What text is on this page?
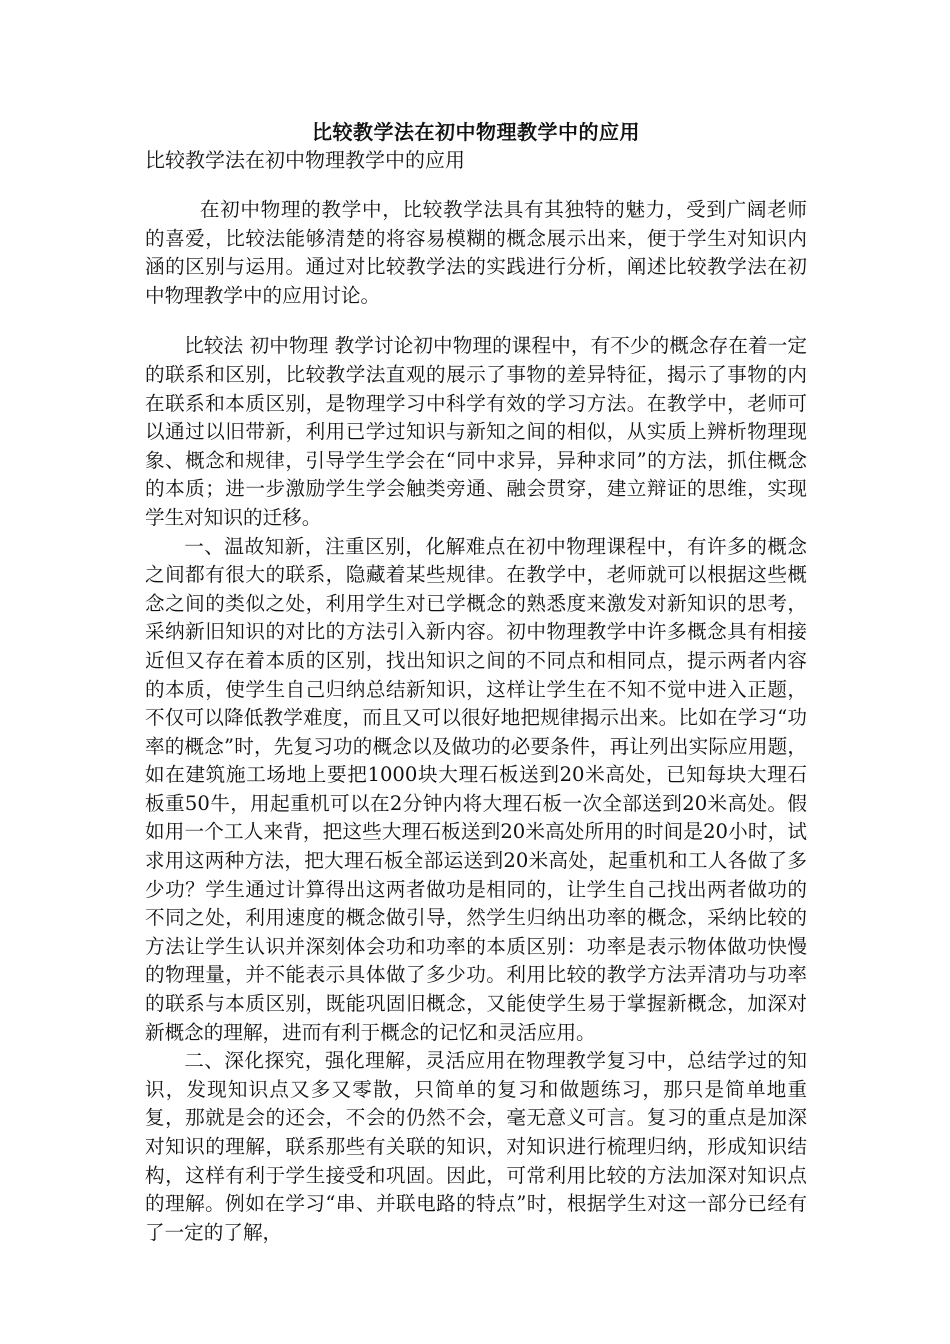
比较教学法在初中物理教学中的应用

比较教学法在初中物理教学中的应用

在初中物理的教学中，比较教学法具有其独特的魅力，受到广阔老师的喜爱，比较法能够清楚的将容易模糊的概念展示出来，便于学生对知识内涵的区别与运用。通过对比较教学法的实践进行分析，阐述比较教学法在初中物理教学中的应用讨论。

比较法 初中物理 教学讨论初中物理的课程中，有不少的概念存在着一定的联系和区别，比较教学法直观的展示了事物的差异特征，揭示了事物的内在联系和本质区别，是物理学习中科学有效的学习方法。在教学中，老师可以通过以旧带新，利用已学过知识与新知之间的相似，从实质上辨析物理现象、概念和规律，引导学生学会在“同中求异，异种求同”的方法，抓住概念的本质；进一步激励学生学会触类旁通、融会贯穿，建立辩证的思维，实现学生对知识的迁移。

一、温故知新，注重区别，化解难点在初中物理课程中，有许多的概念之间都有很大的联系，隐藏着某些规律。在教学中，老师就可以根据这些概念之间的类似之处，利用学生对已学概念的熟悉度来激发对新知识的思考，采纳新旧知识的对比的方法引入新内容。初中物理教学中许多概念具有相接近但又存在着本质的区别，找出知识之间的不同点和相同点，提示两者内容的本质，使学生自己归纳总结新知识，这样让学生在不知不觉中进入正题，不仅可以降低教学难度，而且又可以很好地把规律揭示出来。比如在学习“功率的概念”时，先复习功的概念以及做功的必要条件，再让列出实际应用题，如在建筑施工场地上要把1000块大理石板送到20米高处，已知每块大理石板重50牛，用起重机可以在2分钟内将大理石板一次全部送到20米高处。假如用一个工人来背，把这些大理石板送到20米高处所用的时间是20小时，试求用这两种方法，把大理石板全部运送到20米高处，起重机和工人各做了多少功？学生通过计算得出这两者做功是相同的，让学生自己找出两者做功的不同之处，利用速度的概念做引导，然学生归纳出功率的概念，采纳比较的方法让学生认识并深刻体会功和功率的本质区别：功率是表示物体做功快慢的物理量，并不能表示具体做了多少功。利用比较的教学方法弄清功与功率的联系与本质区别，既能巩固旧概念，又能使学生易于掌握新概念，加深对新概念的理解，进而有利于概念的记忆和灵活应用。

二、深化探究，强化理解，灵活应用在物理教学复习中，总结学过的知识，发现知识点又多又零散，只简单的复习和做题练习，那只是简单地重复，那就是会的还会，不会的仍然不会，毫无意义可言。复习的重点是加深对知识的理解，联系那些有关联的知识，对知识进行梳理归纳，形成知识结构，这样有利于学生接受和巩固。因此，可常利用比较的方法加深对知识点的理解。例如在学习“串、并联电路的特点”时，根据学生对这一部分已经有了一定的了解，
